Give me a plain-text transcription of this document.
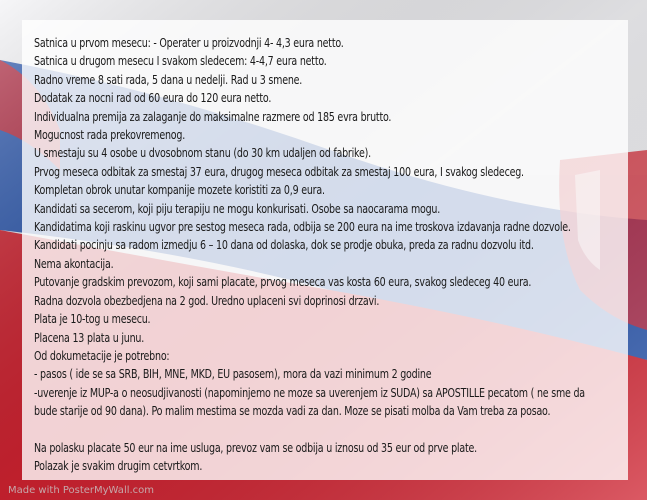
Satnica u prvom mesecu: - Operater u proizvodnji 4- 4,3 eura netto.
Satnica u drugom mesecu I svakom sledecem: 4-4,7 eura netto.
Radno vreme 8 sati rada, 5 dana u nedelji. Rad u 3 smene.
Dodatak za nocni rad od 60 eura do 120 eura netto.
Individualna premija za zalaganje do maksimalne razmere od 185 evra brutto.
Mogucnost rada prekovremenog.
U smestaju su 4 osobe u dvosobnom stanu (do 30 km udaljen od fabrike).
Prvog meseca odbitak za smestaj 37 eura, drugog meseca odbitak za smestaj 100 eura, I svakog sledeceg.
Kompletan obrok unutar kompanije mozete koristiti za 0,9 eura.
Kandidati sa secerom, koji piju terapiju ne mogu konkurisati. Osobe sa naocarama mogu.
Kandidatima koji raskinu ugvor pre sestog meseca rada, odbija se 200 eura na ime troskova izdavanja radne dozvole.
Kandidati pocinju sa radom izmedju 6 – 10 dana od dolaska, dok se prodje obuka, preda za radnu dozvolu itd.
Nema akontacija.
Putovanje gradskim prevozom, koji sami placate, prvog meseca vas kosta 60 eura, svakog sledeceg 40 eura.
Radna dozvola obezbedjena na 2 god. Uredno uplaceni svi doprinosi drzavi.
Plata je 10-tog u mesecu.
Placena 13 plata u junu.
Od dokumetacije je potrebno:
- pasos ( ide se sa SRB, BIH, MNE, MKD, EU pasosem), mora da vazi minimum 2 godine
-uverenje iz MUP-a o neosudjivanosti (napominjemo ne moze sa uverenjem iz SUDA) sa APOSTILLE pecatom ( ne sme da
bude starije od 90 dana). Po malim mestima se mozda vadi za dan. Moze se pisati molba da Vam treba za posao.
Na polasku placate 50 eur na ime usluga, prevoz vam se odbija u iznosu od 35 eur od prve plate.
Polazak je svakim drugim cetvrtkom.
Made with PosterMyWall.com
